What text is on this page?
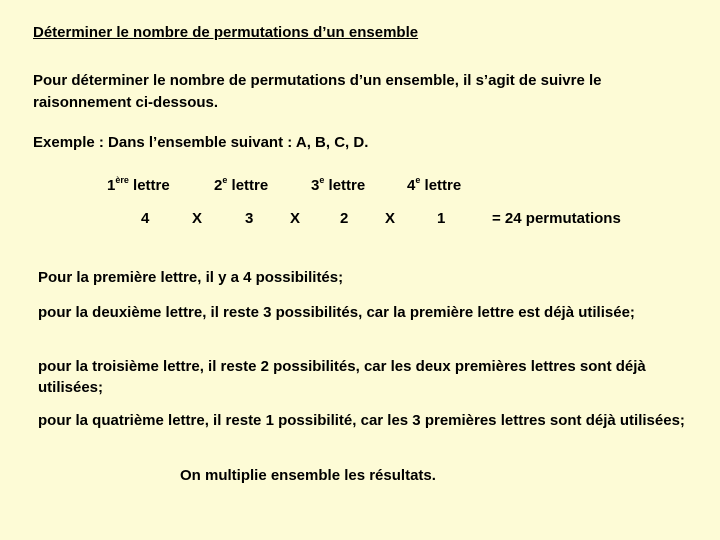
Déterminer le nombre de permutations d’un ensemble
Pour déterminer le nombre de permutations d’un ensemble, il s’agit de suivre le raisonnement ci-dessous.
Exemple : Dans l’ensemble suivant : A, B, C, D.
1ère lettre	2e lettre	3e lettre	4e lettre
4	X	3 X	2 X	1	= 24 permutations
Pour la première lettre, il y a 4 possibilités;
pour la deuxième lettre, il reste 3 possibilités, car la première lettre est déjà utilisée;
pour la troisième lettre, il reste 2 possibilités, car les deux premières lettres sont déjà utilisées;
pour la quatrième lettre, il reste 1 possibilité, car les 3 premières lettres sont déjà utilisées;
On multiplie ensemble les résultats.
